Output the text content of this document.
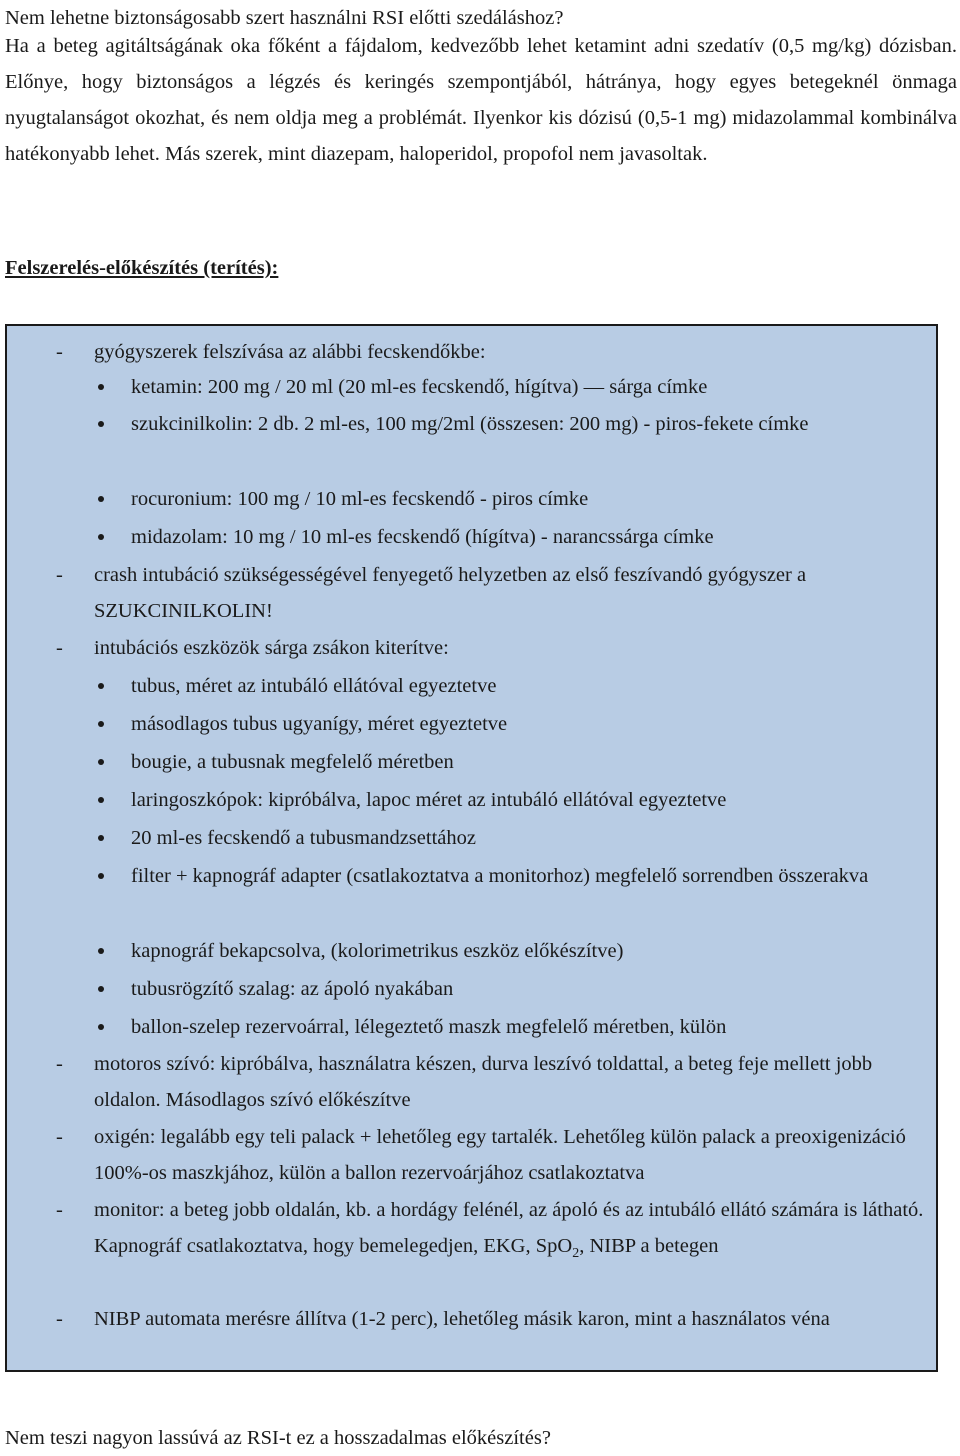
Nem lehetne biztonságosabb szert használni RSI előtti szedáláshoz?

Ha a beteg agitáltságának oka főként a fájdalom, kedvezőbb lehet ketamint adni szedatív (0,5 mg/kg) dózisban. Előnye, hogy biztonságos a légzés és keringés szempontjából, hátránya, hogy egyes betegeknél önmaga nyugtalanságot okozhat, és nem oldja meg a problémát. Ilyenkor kis dózisú (0,5-1 mg) midazolammal kombinálva hatékonyabb lehet. Más szerek, mint diazepam, haloperidol, propofol nem javasoltak.

Felszerelés-előkészítés (terítés):
- gyógyszerek felszívása az alábbi fecskendőkbe:
ketamin: 200 mg / 20 ml (20 ml-es fecskendő, hígítva) ― sárga címke
szukcinilkolin: 2 db. 2 ml-es, 100 mg/2ml (összesen: 200 mg) - piros-fekete címke
rocuronium: 100 mg / 10 ml-es fecskendő - piros címke
midazolam: 10 mg / 10 ml-es fecskendő (hígítva) - narancssárga címke
- crash intubáció szükségességével fenyegető helyzetben az első feszívandó gyógyszer a SZUKCINILKOLIN!
- intubációs eszközök sárga zsákon kiterítve:
tubus, méret az intubáló ellátóval egyeztetve
másodlagos tubus ugyanígy, méret egyeztetve
bougie, a tubusnak megfelelő méretben
laringoszkópok: kipróbálva, lapoc méret az intubáló ellátóval egyeztetve
20 ml-es fecskendő a tubusmandzsettához
filter + kapnográf adapter (csatlakoztatva a monitorhoz) megfelelő sorrendben összerakva
kapnográf bekapcsolva, (kolorimetrikus eszköz előkészítve)
tubusrögzítő szalag: az ápoló nyakában
ballon-szelep rezervoárral, lélegeztető maszk megfelelő méretben, külön
- motoros szívó: kipróbálva, használatra készen, durva leszívó toldattal, a beteg feje mellett jobb oldalon. Másodlagos szívó előkészítve
- oxigén: legalább egy teli palack + lehetőleg egy tartalék. Lehetőleg külön palack a preoxigenizáció 100%-os maszkjához, külön a ballon rezervoárjához csatlakoztatva
- monitor: a beteg jobb oldalán, kb. a hordágy felénél, az ápoló és az intubáló ellátó számára is látható. Kapnográf csatlakoztatva, hogy bemelegedjen, EKG, SpO$_2$, NIBP a betegen
- NIBP automata merésre állítva (1-2 perc), lehetőleg másik karon, mint a használatos véna
Nem teszi nagyon lassúvá az RSI-t ez a hosszadalmas előkészítés?
